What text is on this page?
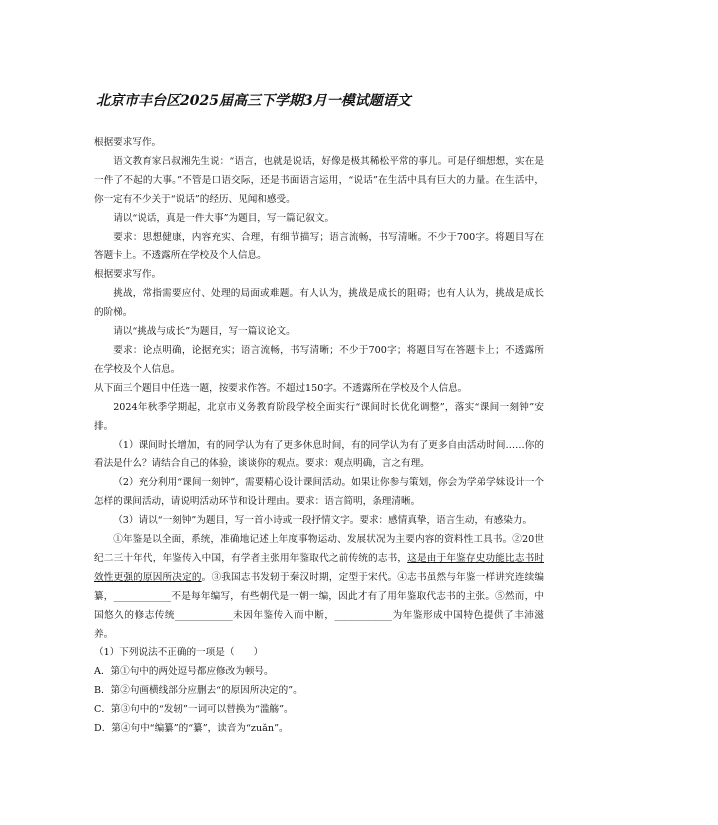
北京市丰台区2025届高三下学期3月一模试题语文

根据要求写作。

语文教育家吕叔湘先生说：“语言，也就是说话，好像是极其稀松平常的事儿。可是仔细想想，实在是一件了不起的大事。”不管是口语交际，还是书面语言运用，“说话”在生活中具有巨大的力量。在生活中，你一定有不少关于“说话”的经历、见闻和感受。

请以“说话，真是一件大事”为题目，写一篇记叙文。

要求：思想健康，内容充实、合理，有细节描写；语言流畅，书写清晰。不少于700字。将题目写在答题卡上。不透露所在学校及个人信息。

根据要求写作。

挑战，常指需要应付、处理的局面或难题。有人认为，挑战是成长的阻碍；也有人认为，挑战是成长的阶梯。

请以“挑战与成长”为题目，写一篇议论文。

要求：论点明确，论据充实；语言流畅，书写清晰；不少于700字；将题目写在答题卡上；不透露所在学校及个人信息。

从下面三个题目中任选一题，按要求作答。不超过150字。不透露所在学校及个人信息。

2024年秋季学期起，北京市义务教育阶段学校全面实行“课间时长优化调整”，落实“课间一刻钟”安排。

（1）课间时长增加，有的同学认为有了更多休息时间，有的同学认为有了更多自由活动时间……你的看法是什么？请结合自己的体验，谈谈你的观点。要求：观点明确，言之有理。

（2）充分利用“课间一刻钟”，需要精心设计课间活动。如果让你参与策划，你会为学弟学妹设计一个怎样的课间活动，请说明活动环节和设计理由。要求：语言简明，条理清晰。

（3）请以“一刻钟”为题目，写一首小诗或一段抒情文字。要求：感情真挚，语言生动，有感染力。

①年鉴是以全面，系统，准确地记述上年度事物运动、发展状况为主要内容的资料性工具书。②20世纪二三十年代，年鉴传入中国，有学者主张用年鉴取代之前传统的志书，这是由于年鉴存史功能比志书时效性更强的原因所决定的。③我国志书发轫于秦汉时期，定型于宋代。④志书虽然与年鉴一样讲究连续编纂，____________不是每年编写，有些朝代是一朝一编，因此才有了用年鉴取代志书的主张。⑤然而，中国悠久的修志传统____________未因年鉴传入而中断，____________为年鉴形成中国特色提供了丰沛滋养。

（1）下列说法不正确的一项是（　　）

A．第①句中的两处逗号都应修改为顿号。

B．第②句画横线部分应删去“的原因所决定的”。

C．第③句中的“发轫”一词可以替换为“滥觞”。

D．第④句中“编纂”的“纂”，读音为“zuǎn”。
